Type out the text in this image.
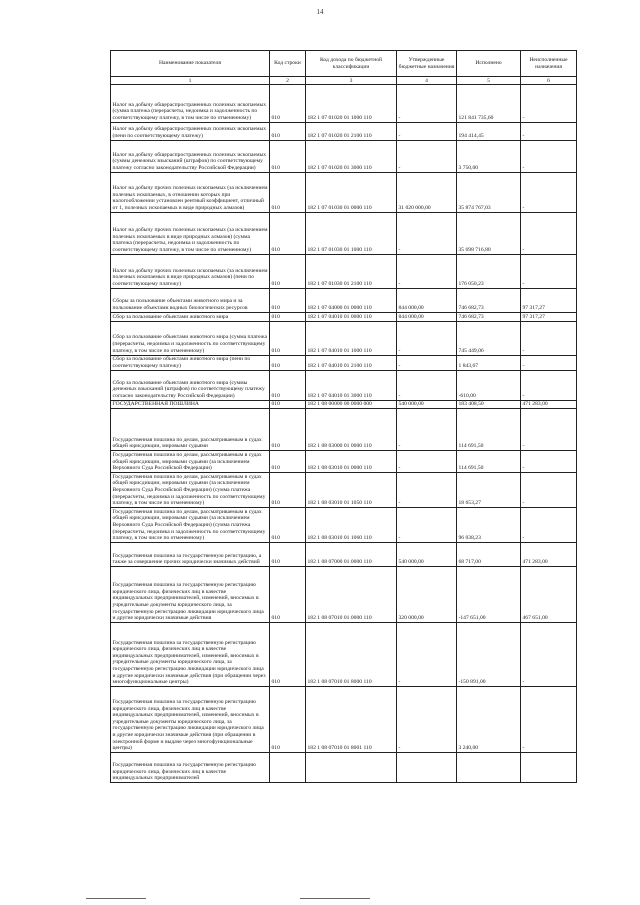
14
Наименование показателя	Код строки	Код дохода по бюджетной классификации	Утвержденные бюджетные назначения	Исполнено	Неисполненные назначения
1	2	3	4	5	6
Налог на добычу общераспространенных полезных ископаемых (сумма платежа (перерасчеты, недоимка и задолженность по соответствующему платежу, в том числе по отмененному)	010	182 1 07 01020 01 1000 110	-	121 841 735,60	-
Налог на добычу общераспространенных полезных ископаемых (пени по соответствующему платежу)	010	182 1 07 01020 01 2100 110	-	194 414,45	-
Налог на добычу общераспространенных полезных ископаемых (суммы денежных взысканий (штрафов) по соответствующему платежу согласно законодательству Российской Федерации)	010	182 1 07 01020 01 3000 110	-	3 750,00	-
Налог на добычу прочих полезных ископаемых (за исключением полезных ископаемых, в отношении которых при налогообложении установлен рентный коэффициент, отличный от 1, полезных ископаемых в виде природных алмазов)	010	182 1 07 01030 01 0000 110	31 020 000,00	35 874 767,03	-
Налог на добычу прочих полезных ископаемых (за исключением полезных ископаемых в виде природных алмазов) (сумма платежа (перерасчеты, недоимка и задолженность по соответствующему платежу, в том числе по отмененному)	010	182 1 07 01030 01 1000 110	-	35 698 716,80	-
Налог на добычу прочих полезных ископаемых (за исключением полезных ископаемых в виде природных алмазов) (пени по соответствующему платежу)	010	182 1 07 01030 01 2100 110	-	176 050,23	-
Сборы за пользование объектами животного мира и за пользование объектами водных биологических ресурсов	010	182 1 07 04000 01 0000 110	844 000,00	746 682,73	97 317,27
Сбор за пользование объектами животного мира	010	182 1 07 04010 01 0000 110	844 000,00	746 682,73	97 317,27
Сбор за пользование объектами животного мира (сумма платежа (перерасчеты, недоимка и задолженность по соответствующему платежу, в том числе по отмененному)	010	182 1 07 04010 01 1000 110	-	745 449,06	-
Сбор за пользование объектами животного мира (пени по соответствующему платежу)	010	182 1 07 04010 01 2100 110	-	1 843,67	-
Сбор за пользование объектами животного мира (суммы денежных взысканий (штрафов) по соответствующему платежу согласно законодательству Российской Федерации)	010	182 1 07 04010 01 3000 110	-	-610,00	-
ГОСУДАРСТВЕННАЯ ПОШЛИНА	010	182 1 08 00000 00 0000 000	540 000,00	183 408,50	471 283,00
Государственная пошлина по делам, рассматриваемым в судах общей юрисдикции, мировыми судьями	010	182 1 08 03000 01 0000 110	-	114 691,50	-
Государственная пошлина по делам, рассматриваемым в судах общей юрисдикции, мировыми судьями (за исключением Верховного Суда Российской Федерации)	010	182 1 08 03010 01 0000 110	-	114 691,50	-
Государственная пошлина по делам, рассматриваемым в судах общей юрисдикции, мировыми судьями (за исключением Верховного Суда Российской Федерации) (сумма платежа (перерасчеты, недоимка и задолженность по соответствующему платежу, в том числе по отмененному)	010	182 1 08 03010 01 1050 110	-	18 653,27	-
Государственная пошлина по делам, рассматриваемым в судах общей юрисдикции, мировыми судьями (за исключением Верховного Суда Российской Федерации) (сумма платежа (перерасчеты, недоимка и задолженность по соответствующему платежу, в том числе по отмененному)	010	182 1 08 03010 01 1060 110	-	96 038,23	-
Государственная пошлина за государственную регистрацию, а также за совершение прочих юридически значимых действий	010	182 1 08 07000 01 0000 110	540 000,00	68 717,00	471 283,00
Государственная пошлина за государственную регистрацию юридического лица, физических лиц в качестве индивидуальных предпринимателей, изменений, вносимых в учредительные документы юридического лица, за государственную регистрацию ликвидации юридического лица и другие юридически значимые действия	010	182 1 08 07010 01 0000 110	320 000,00	-147 651,00	467 651,00
Государственная пошлина за государственную регистрацию юридического лица, физических лиц в качестве индивидуальных предпринимателей, изменений, вносимых в учредительные документы юридического лица, за государственную регистрацию ликвидации юридического лица и другие юридически значимые действия (при обращении через многофункциональные центры)	010	182 1 08 07010 01 8000 110	-	-150 891,00	-
Государственная пошлина за государственную регистрацию юридического лица, физических лиц в качестве индивидуальных предпринимателей, изменений, вносимых в учредительные документы юридического лица, за государственную регистрацию ликвидации юридического лица и другие юридически значимые действия (при обращении в электронной форме и выдаче через многофункциональные центры)	010	182 1 08 07010 01 8001 110	-	3 240,00	-
Государственная пошлина за государственную регистрацию юридического лица, физических лиц в качестве индивидуальных предпринимателей					
